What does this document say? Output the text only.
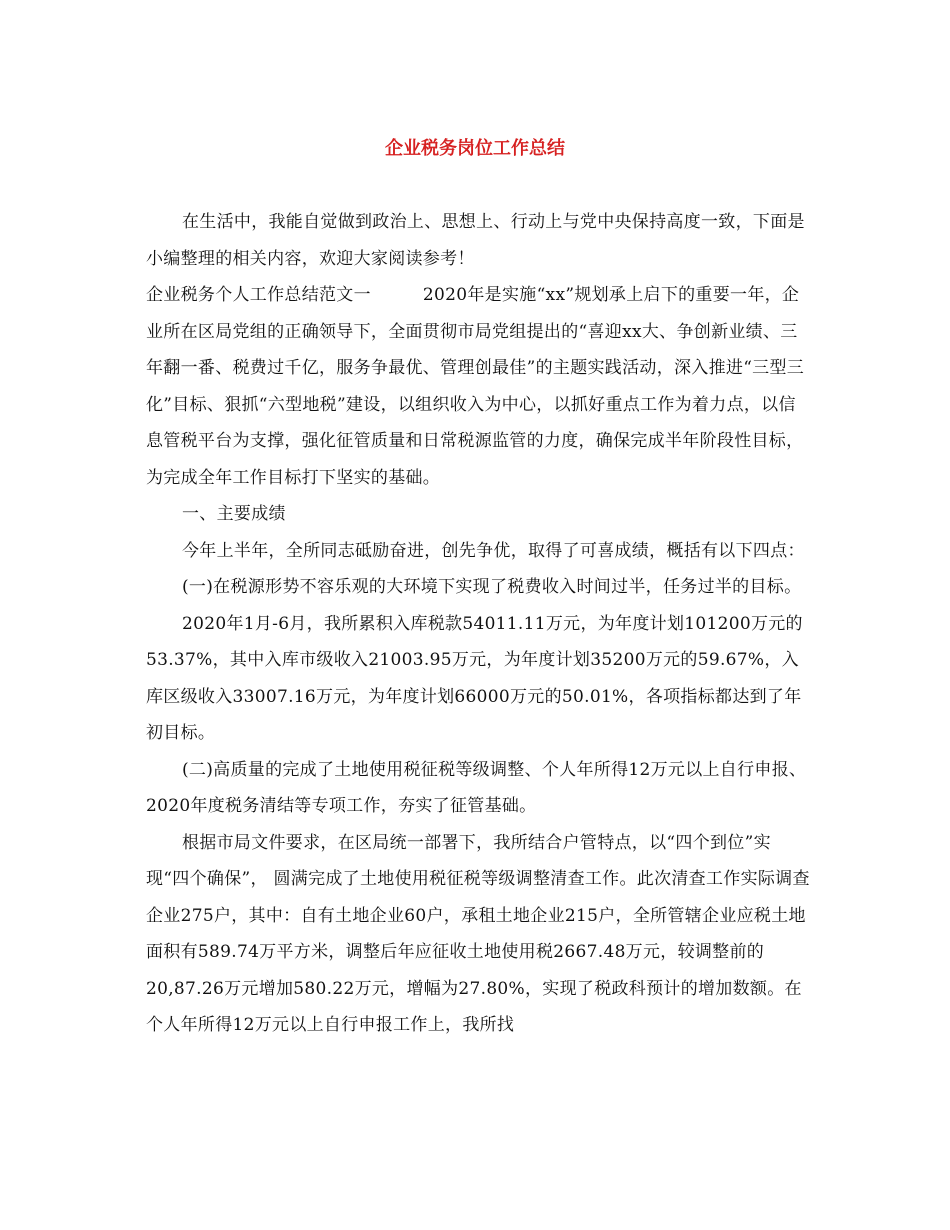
企业税务岗位工作总结

在生活中，我能自觉做到政治上、思想上、行动上与党中央保持高度一致，下面是小编整理的相关内容，欢迎大家阅读参考！

企业税务个人工作总结范文一	2020年是实施“xx”规划承上启下的重要一年，企业所在区局党组的正确领导下，全面贯彻市局党组提出的“喜迎xx大、争创新业绩、三年翻一番、税费过千亿，服务争最优、管理创最佳”的主题实践活动，深入推进“三型三化”目标、狠抓“六型地税”建设，以组织收入为中心，以抓好重点工作为着力点，以信息管税平台为支撑，强化征管质量和日常税源监管的力度，确保完成半年阶段性目标，为完成全年工作目标打下坚实的基础。

一、主要成绩

今年上半年，全所同志砥励奋进，创先争优，取得了可喜成绩，概括有以下四点：

(一)在税源形势不容乐观的大环境下实现了税费收入时间过半，任务过半的目标。

2020年1月-6月，我所累积入库税款54011.11万元，为年度计划101200万元的53.37%，其中入库市级收入21003.95万元，为年度计划35200万元的59.67%，入库区级收入33007.16万元，为年度计划66000万元的50.01%，各项指标都达到了年初目标。

(二)高质量的完成了土地使用税征税等级调整、个人年所得12万元以上自行申报、2020年度税务清结等专项工作，夯实了征管基础。

根据市局文件要求，在区局统一部署下，我所结合户管特点，以“四个到位”实现“四个确保”， 圆满完成了土地使用税征税等级调整清查工作。此次清查工作实际调查企业275户，其中：自有土地企业60户，承租土地企业215户，全所管辖企业应税土地面积有589.74万平方米，调整后年应征收土地使用税2667.48万元，较调整前的20,87.26万元增加580.22万元，增幅为27.80%，实现了税政科预计的增加数额。在个人年所得12万元以上自行申报工作上，我所找
